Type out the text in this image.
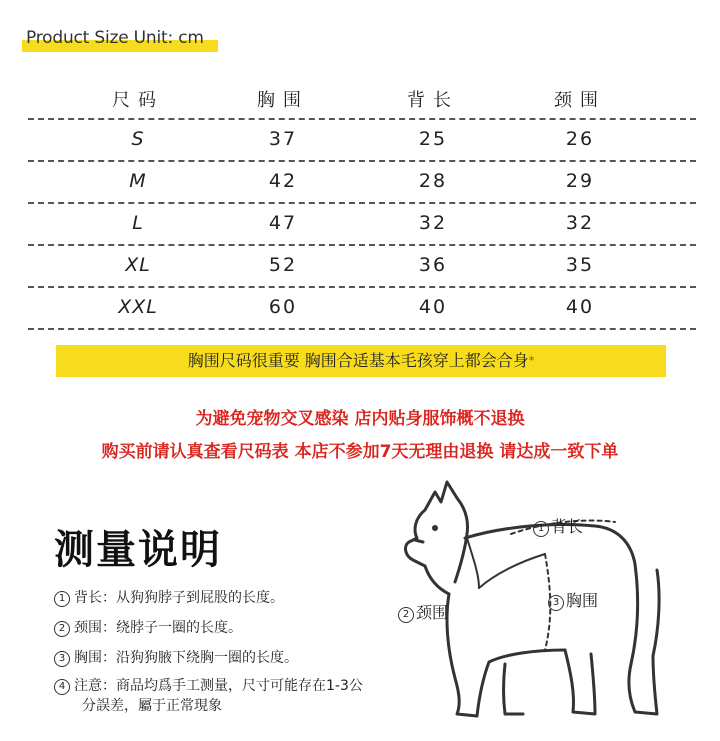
Product Size Unit: cm
尺码	胸围	背长	颈围
S	37	25	26
M	42	28	29
L	47	32	32
XL	52	36	35
XXL	60	40	40
胸围尺码很重要 胸围合适基本毛孩穿上都会合身*
为避免宠物交叉感染 店内贴身服饰概不退换
购买前请认真查看尺码表 本店不参加7天无理由退换 请达成一致下单
测量说明
1 背长：从狗狗脖子到屁股的长度。
2 颈围：绕脖子一圈的长度。
3 胸围：沿狗狗腋下绕胸一圈的长度。
4 注意：商品均爲手工测量，尺寸可能存在1-3公
分誤差，屬于正常現象
1 背长
2 颈围
3 胸围
